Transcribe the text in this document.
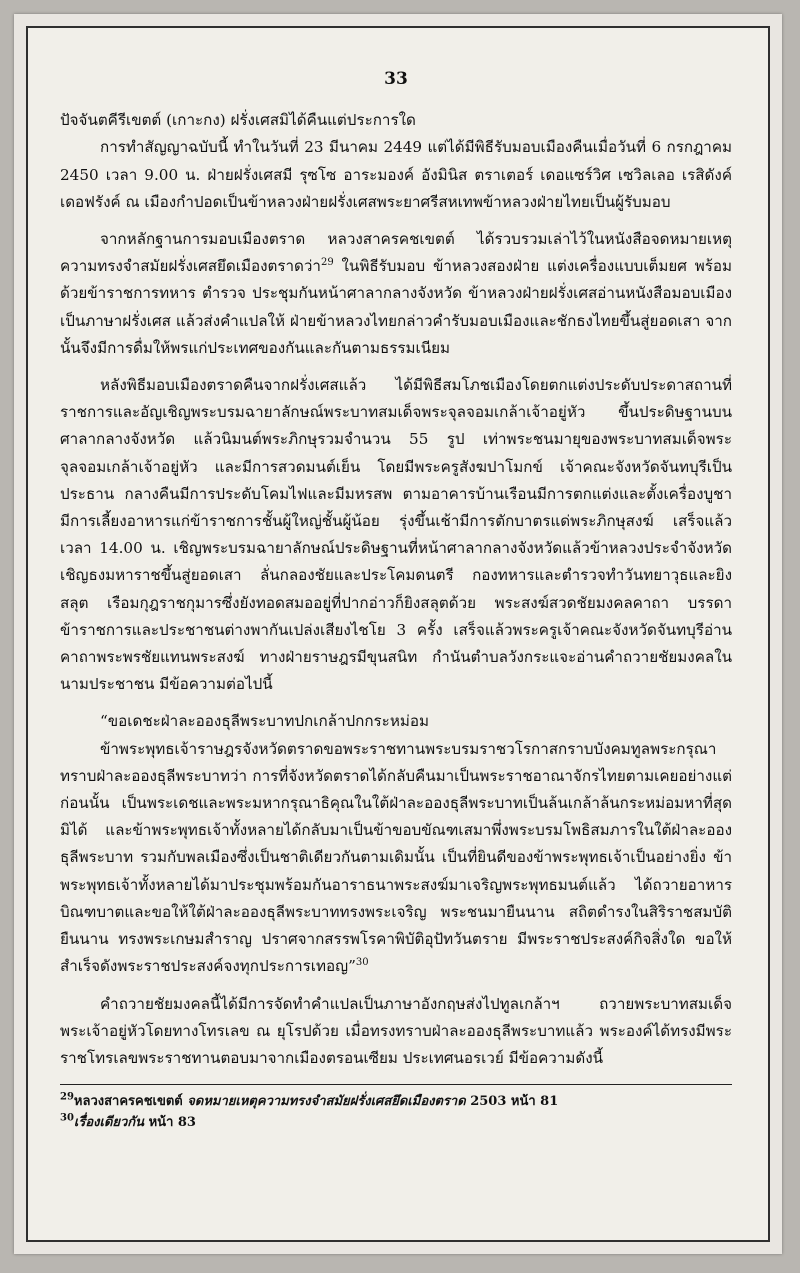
33

ปัจจันตคีรีเขตต์ (เกาะกง) ฝรั่งเศสมิได้คืนแต่ประการใด

การทำสัญญาฉบับนี้ ทำในวันที่ 23 มีนาคม 2449 แต่ได้มีพิธีรับมอบเมืองคืนเมื่อวันที่ 6 กรกฎาคม 2450 เวลา 9.00 น. ฝ่ายฝรั่งเศสมี รุซโซ อาระมองค์ อังมินิส ตราเตอร์ เดอแซร์วิศ เซวิลเลอ เรสิดังค์ เดอฟรังค์ ณ เมืองกำปอดเป็นข้าหลวงฝ่ายฝรั่งเศสพระยาศรีสหเทพข้าหลวงฝ่ายไทยเป็นผู้รับมอบ

จากหลักฐานการมอบเมืองตราด หลวงสาครคชเขตต์ ได้รวบรวมเล่าไว้ในหนังสือจดหมายเหตุความทรงจำสมัยฝรั่งเศสยึดเมืองตราดว่า$^{29}$ ในพิธีรับมอบ ข้าหลวงสองฝ่าย แต่งเครื่องแบบเต็มยศ พร้อมด้วยข้าราชการทหาร ตำรวจ ประชุมกันหน้าศาลากลางจังหวัด ข้าหลวงฝ่ายฝรั่งเศสอ่านหนังสือมอบเมืองเป็นภาษาฝรั่งเศส แล้วส่งคำแปลให้ ฝ่ายข้าหลวงไทยกล่าวคำรับมอบเมืองและชักธงไทยขึ้นสู่ยอดเสา จากนั้นจึงมีการดื่มให้พรแก่ประเทศของกันและกันตามธรรมเนียม

หลังพิธีมอบเมืองตราดคืนจากฝรั่งเศสแล้ว ได้มีพิธีสมโภชเมืองโดยตกแต่งประดับประดาสถานที่ราชการและอัญเชิญพระบรมฉายาลักษณ์พระบาทสมเด็จพระจุลจอมเกล้าเจ้าอยู่หัว ขึ้นประดิษฐานบนศาลากลางจังหวัด แล้วนิมนต์พระภิกษุรวมจำนวน 55 รูป เท่าพระชนมายุของพระบาทสมเด็จพระจุลจอมเกล้าเจ้าอยู่หัว และมีการสวดมนต์เย็น โดยมีพระครูสังฆปาโมกข์ เจ้าคณะจังหวัดจันทบุรีเป็นประธาน กลางคืนมีการประดับโคมไฟและมีมหรสพ ตามอาคารบ้านเรือนมีการตกแต่งและตั้งเครื่องบูชา มีการเลี้ยงอาหารแก่ข้าราชการชั้นผู้ใหญ่ชั้นผู้น้อย รุ่งขึ้นเช้ามีการตักบาตรแด่พระภิกษุสงฆ์ เสร็จแล้วเวลา 14.00 น. เชิญพระบรมฉายาลักษณ์ประดิษฐานที่หน้าศาลากลางจังหวัดแล้วข้าหลวงประจำจังหวัดเชิญธงมหาราชขึ้นสู่ยอดเสา ลั่นกลองชัยและประโคมดนตรี กองทหารและตำรวจทำวันทยาวุธและยิงสลุต เรือมกุฎราชกุมารซึ่งยังทอดสมออยู่ที่ปากอ่าวก็ยิงสลุตด้วย พระสงฆ์สวดชัยมงคลคาถา บรรดาข้าราชการและประชาชนต่างพากันเปล่งเสียงไชโย 3 ครั้ง เสร็จแล้วพระครูเจ้าคณะจังหวัดจันทบุรีอ่านคาถาพระพรชัยแทนพระสงฆ์ ทางฝ่ายราษฎรมีขุนสนิท กำนันตำบลวังกระแจะอ่านคำถวายชัยมงคลในนามประชาชน มีข้อความต่อไปนี้

“ขอเดชะฝ่าละอองธุลีพระบาทปกเกล้าปกกระหม่อม

ข้าพระพุทธเจ้าราษฎรจังหวัดตราดขอพระราชทานพระบรมราชวโรกาสกราบบังคมทูลพระกรุณาทราบฝ่าละอองธุลีพระบาทว่า การที่จังหวัดตราดได้กลับคืนมาเป็นพระราชอาณาจักรไทยตามเคยอย่างแต่ก่อนนั้น เป็นพระเดชและพระมหากรุณาธิคุณในใต้ฝ่าละอองธุลีพระบาทเป็นล้นเกล้าล้นกระหม่อมหาที่สุดมิได้ และข้าพระพุทธเจ้าทั้งหลายได้กลับมาเป็นข้าขอบขัณฑเสมาพึ่งพระบรมโพธิสมภารในใต้ฝ่าละอองธุลีพระบาท รวมกับพลเมืองซึ่งเป็นชาติเดียวกันตามเดิมนั้น เป็นที่ยินดีของข้าพระพุทธเจ้าเป็นอย่างยิ่ง ข้าพระพุทธเจ้าทั้งหลายได้มาประชุมพร้อมกันอาราธนาพระสงฆ์มาเจริญพระพุทธมนต์แล้ว ได้ถวายอาหารบิณฑบาตและขอให้ใต้ฝ่าละอองธุลีพระบาททรงพระเจริญ พระชนมายืนนาน สถิตดำรงในสิริราชสมบัติยืนนาน ทรงพระเกษมสำราญ ปราศจากสรรพโรคาพิบัติอุปัทวันตราย มีพระราชประสงค์กิจสิ่งใด ขอให้สำเร็จดังพระราชประสงค์จงทุกประการเทอญ”$^{30}$

คำถวายชัยมงคลนี้ได้มีการจัดทำคำแปลเป็นภาษาอังกฤษส่งไปทูลเกล้าฯ ถวายพระบาทสมเด็จพระเจ้าอยู่หัวโดยทางโทรเลข ณ ยุโรปด้วย เมื่อทรงทราบฝ่าละอองธุลีพระบาทแล้ว พระองค์ได้ทรงมีพระราชโทรเลขพระราชทานตอบมาจากเมืองตรอนเซียม ประเทศนอรเวย์ มีข้อความดังนี้

$^{29}$หลวงสาครคชเขตต์ จดหมายเหตุความทรงจำสมัยฝรั่งเศสยึดเมืองตราด 2503 หน้า 81
$^{30}$เรื่องเดียวกัน หน้า 83
